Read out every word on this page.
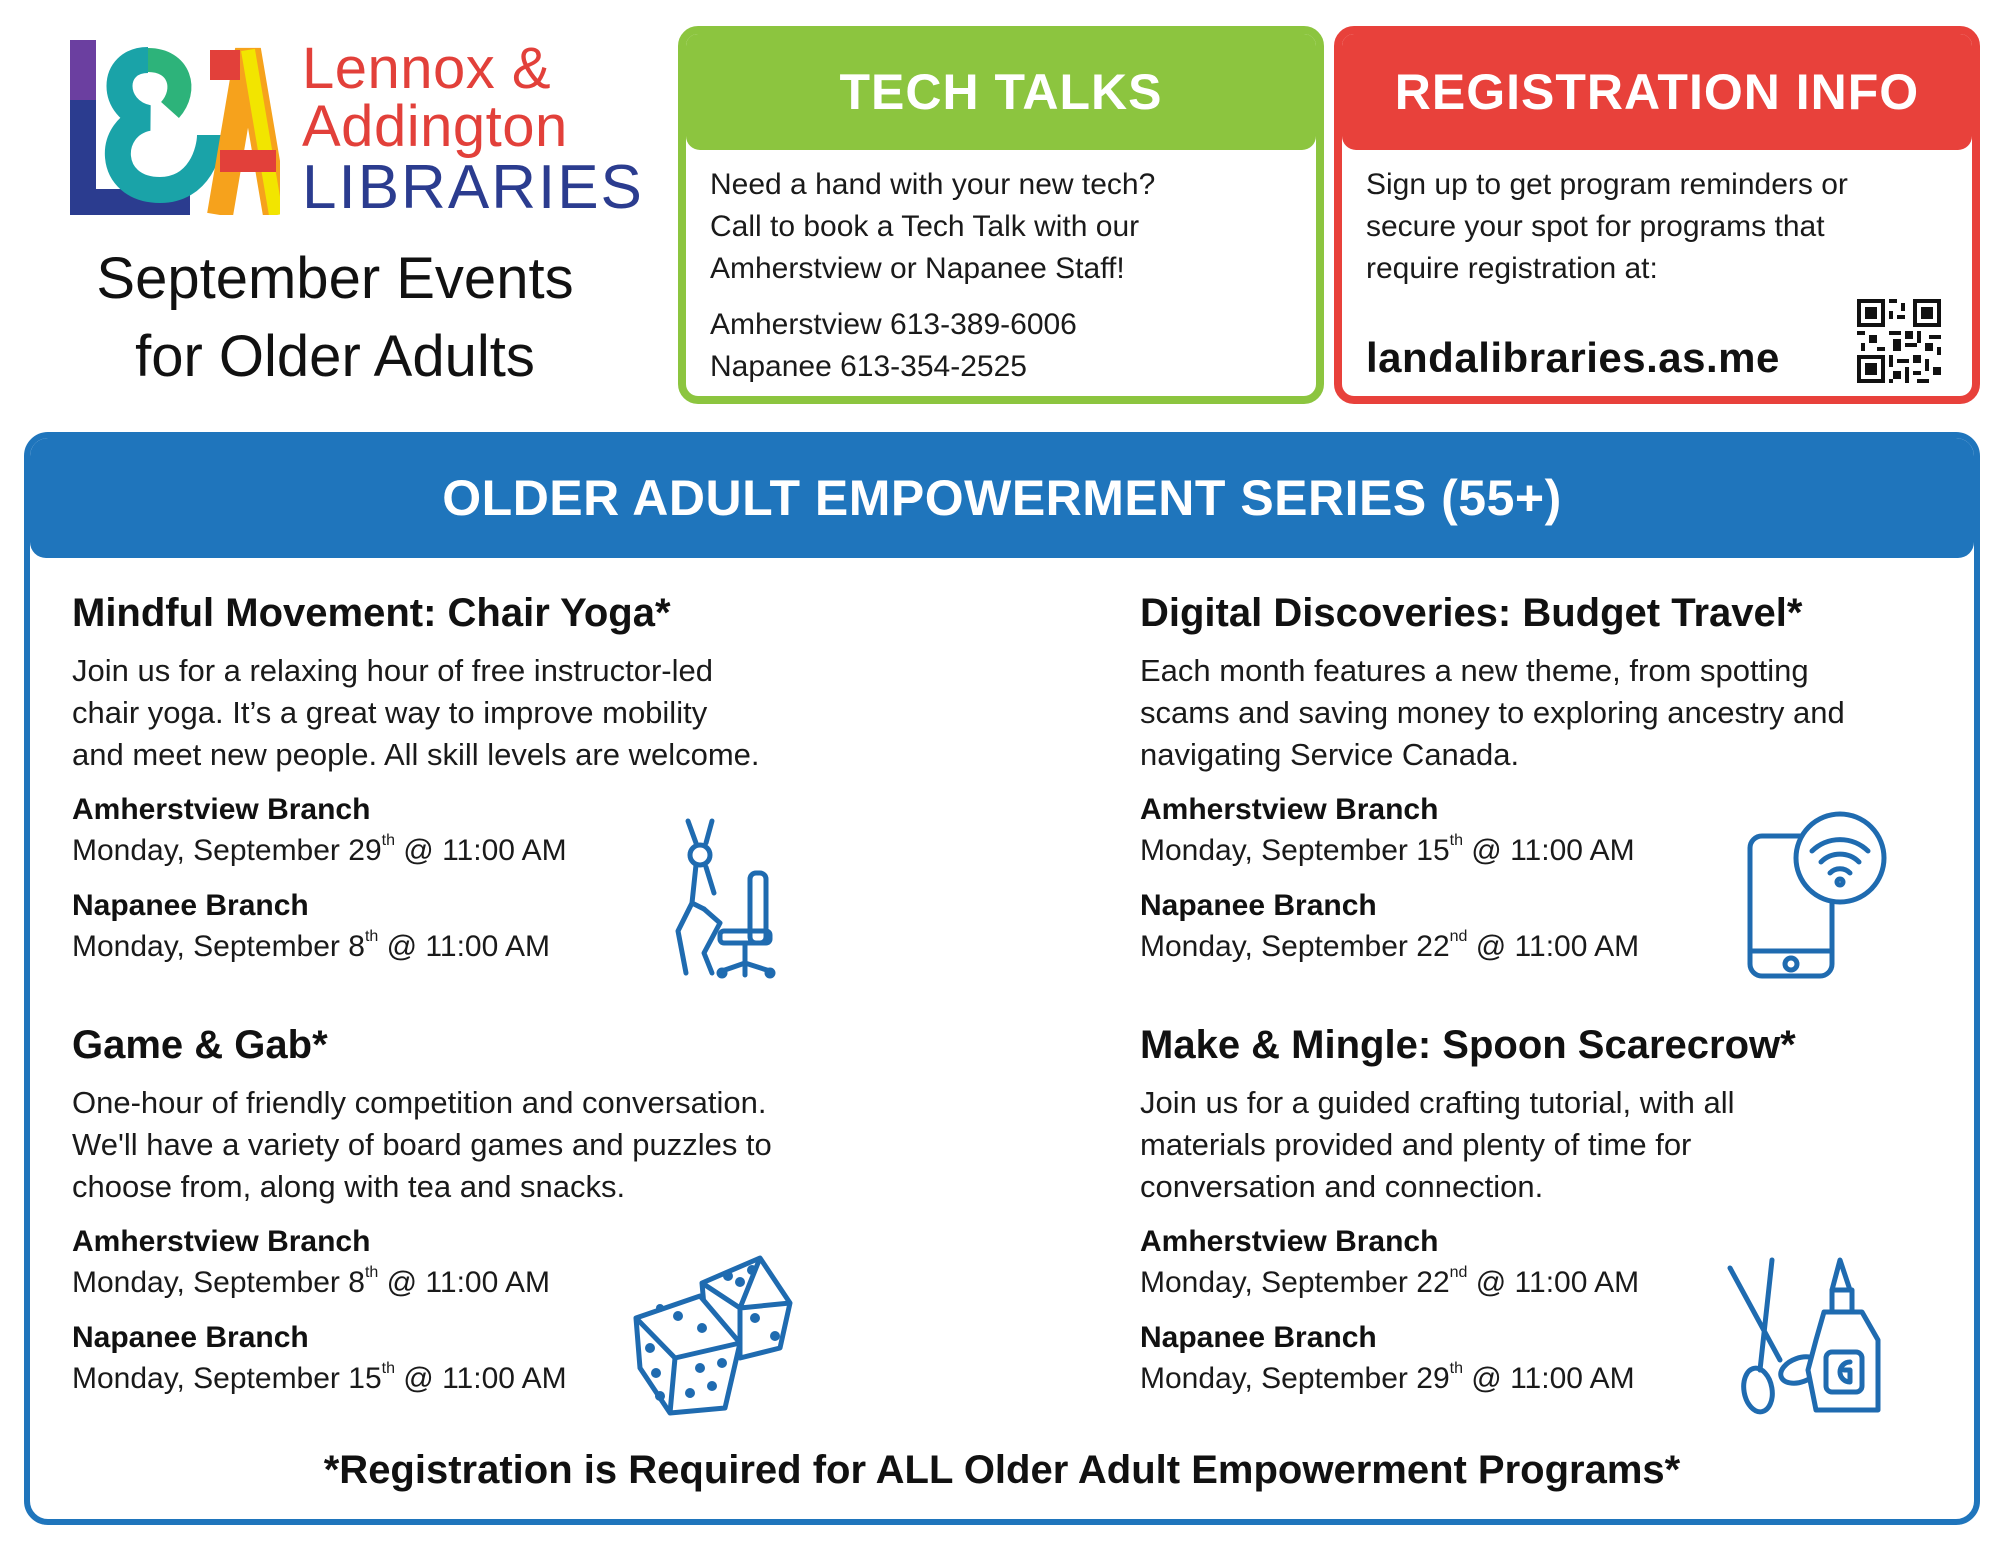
Lennox &
Addington
LIBRARIES
September Events
for Older Adults
TECH TALKS
Need a hand with your new tech?
Call to book a Tech Talk with our
Amherstview or Napanee Staff!
Amherstview 613-389-6006
Napanee 613-354-2525
REGISTRATION INFO
Sign up to get program reminders or
secure your spot for programs that
require registration at:
landalibraries.as.me
OLDER ADULT EMPOWERMENT SERIES (55+)
Mindful Movement: Chair Yoga*
Join us for a relaxing hour of free instructor-led
chair yoga. It’s a great way to improve mobility
and meet new people. All skill levels are welcome.
Amherstview Branch
Monday, September 29th @ 11:00 AM
Napanee Branch
Monday, September 8th @ 11:00 AM
Digital Discoveries: Budget Travel*
Each month features a new theme, from spotting
scams and saving money to exploring ancestry and
navigating Service Canada.
Amherstview Branch
Monday, September 15th @ 11:00 AM
Napanee Branch
Monday, September 22nd @ 11:00 AM
Game & Gab*
One-hour of friendly competition and conversation.
We'll have a variety of board games and puzzles to
choose from, along with tea and snacks.
Amherstview Branch
Monday, September 8th @ 11:00 AM
Napanee Branch
Monday, September 15th @ 11:00 AM
Make & Mingle: Spoon Scarecrow*
Join us for a guided crafting tutorial, with all
materials provided and plenty of time for
conversation and connection.
Amherstview Branch
Monday, September 22nd @ 11:00 AM
Napanee Branch
Monday, September 29th @ 11:00 AM
*Registration is Required for ALL Older Adult Empowerment Programs*
